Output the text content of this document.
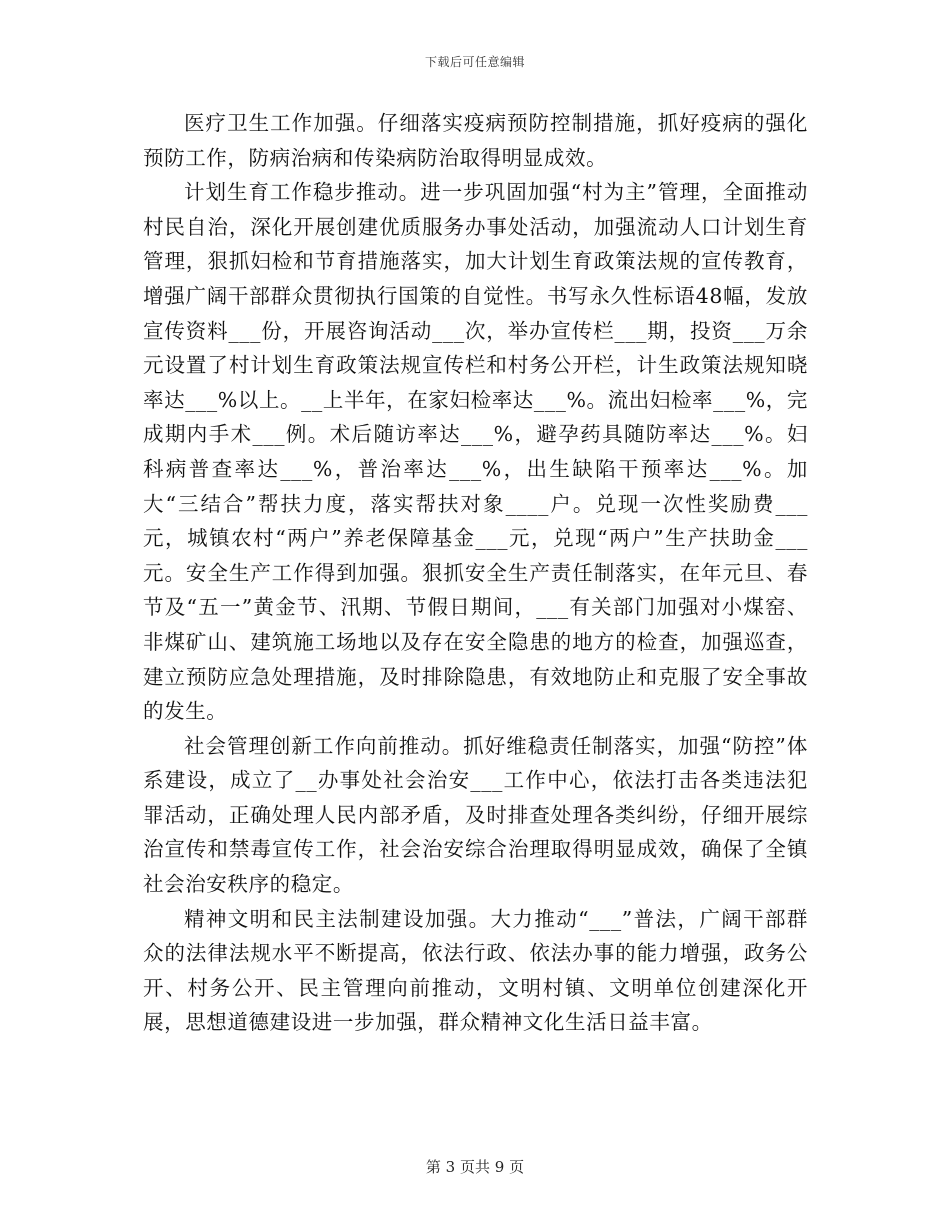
下载后可任意编辑

医疗卫生工作加强。仔细落实疫病预防控制措施，抓好疫病的强化预防工作，防病治病和传染病防治取得明显成效。

计划生育工作稳步推动。进一步巩固加强“村为主”管理，全面推动村民自治，深化开展创建优质服务办事处活动，加强流动人口计划生育管理，狠抓妇检和节育措施落实，加大计划生育政策法规的宣传教育，增强广阔干部群众贯彻执行国策的自觉性。书写永久性标语48幅，发放宣传资料___份，开展咨询活动___次，举办宣传栏___期，投资___万余元设置了村计划生育政策法规宣传栏和村务公开栏，计生政策法规知晓率达___%以上。__上半年，在家妇检率达___%。流出妇检率___%，完成期内手术___例。术后随访率达___%，避孕药具随防率达___%。妇科病普查率达___%，普治率达___%，出生缺陷干预率达___%。加大“三结合”帮扶力度，落实帮扶对象____户。兑现一次性奖励费___元，城镇农村“两户”养老保障基金___元，兑现“两户”生产扶助金___元。安全生产工作得到加强。狠抓安全生产责任制落实，在年元旦、春节及“五一”黄金节、汛期、节假日期间，___有关部门加强对小煤窑、非煤矿山、建筑施工场地以及存在安全隐患的地方的检查，加强巡查，建立预防应急处理措施，及时排除隐患，有效地防止和克服了安全事故的发生。

社会管理创新工作向前推动。抓好维稳责任制落实，加强“防控”体系建设，成立了__办事处社会治安___工作中心，依法打击各类违法犯罪活动，正确处理人民内部矛盾，及时排查处理各类纠纷，仔细开展综治宣传和禁毒宣传工作，社会治安综合治理取得明显成效，确保了全镇社会治安秩序的稳定。

精神文明和民主法制建设加强。大力推动“___”普法，广阔干部群众的法律法规水平不断提高，依法行政、依法办事的能力增强，政务公开、村务公开、民主管理向前推动，文明村镇、文明单位创建深化开展，思想道德建设进一步加强，群众精神文化生活日益丰富。

第 3 页共 9 页
